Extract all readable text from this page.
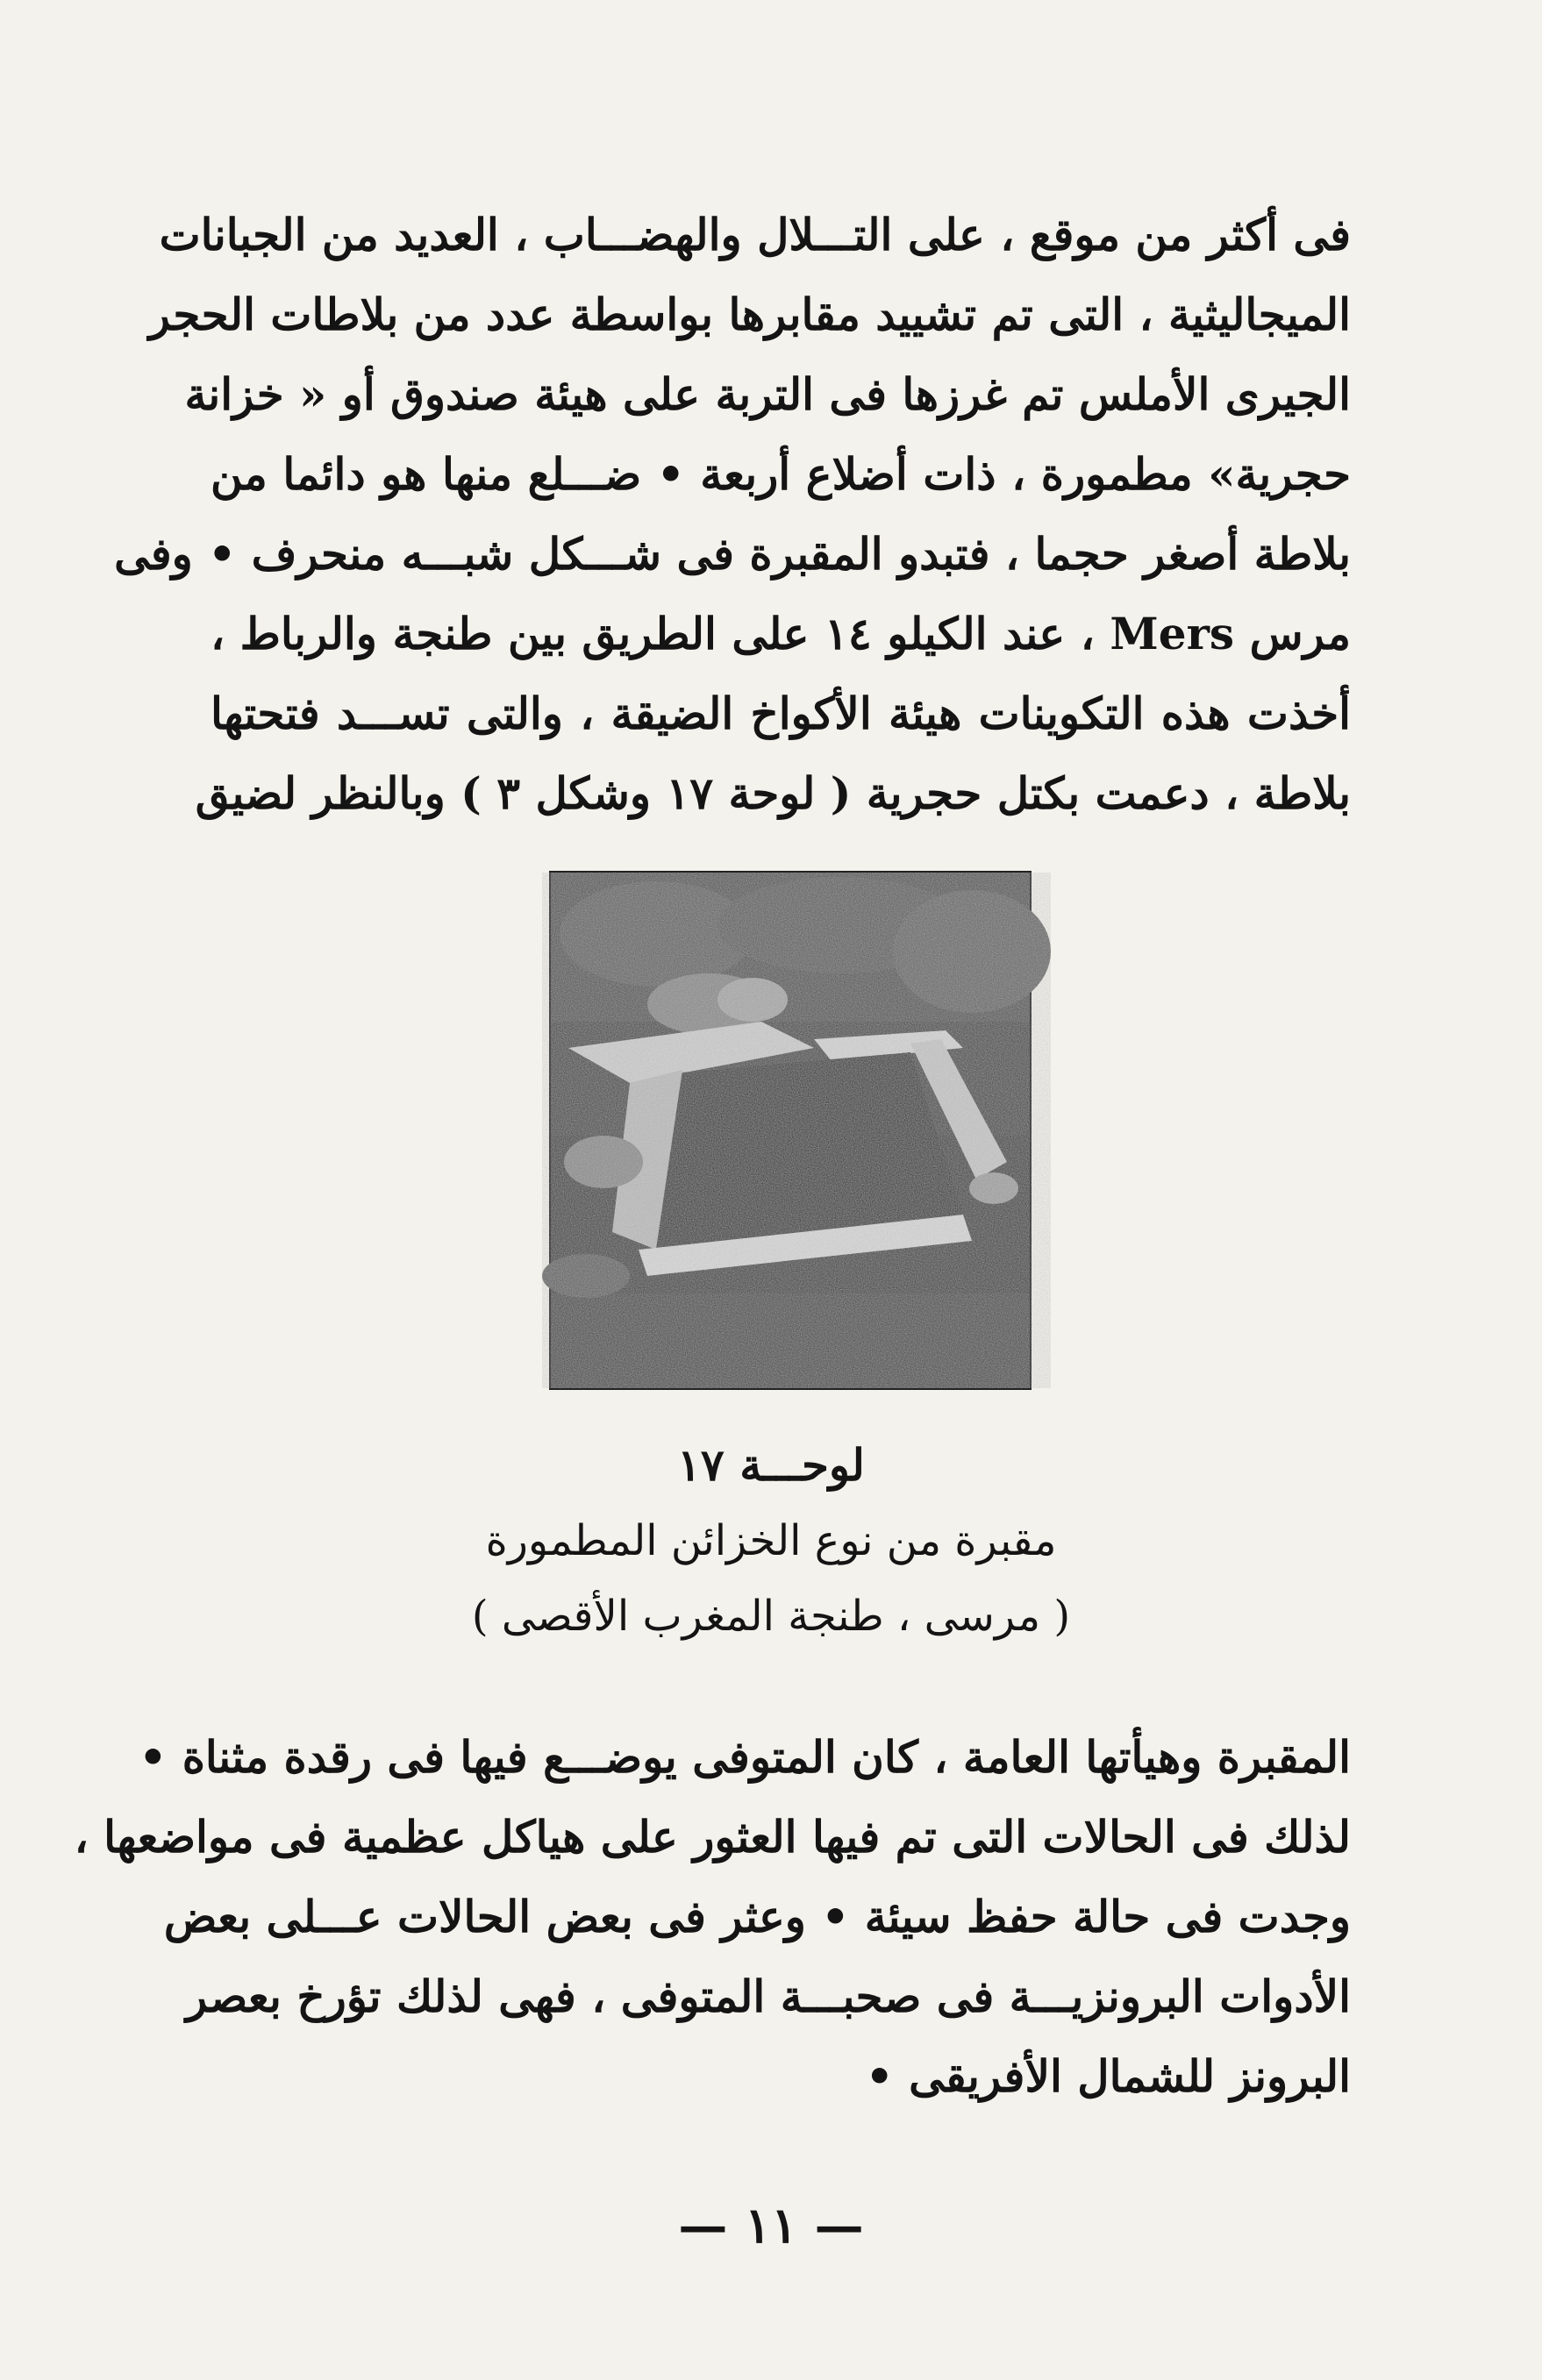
فى أكثر من موقع ، على التـــلال والهضـــاب ، العديد من الجبانات
الميجاليثية ، التى تم تشييد مقابرها بواسطة عدد من بلاطات الحجر
الجيرى الأملس تم غرزها فى التربة على هيئة صندوق أو « خزانة
حجرية» مطمورة ، ذات أضلاع أربعة • ضـــلع منها هو دائما من
بلاطة أصغر حجما ، فتبدو المقبرة فى شـــكل شبـــه منحرف • وفى
مرس Mers ، عند الكيلو ١٤ على الطريق بين طنجة والرباط ،
أخذت هذه التكوينات هيئة الأكواخ الضيقة ، والتى تســـد فتحتها
بلاطة ، دعمت بكتل حجرية ( لوحة ١٧ وشكل ٣ ) وبالنظر لضيق
لوحـــة ١٧
مقبرة من نوع الخزائن المطمورة
( مرسى ، طنجة المغرب الأقصى )
المقبرة وهيأتها العامة ، كان المتوفى يوضـــع فيها فى رقدة مثناة •
لذلك فى الحالات التى تم فيها العثور على هياكل عظمية فى مواضعها ،
وجدت فى حالة حفظ سيئة • وعثر فى بعض الحالات عـــلى بعض
الأدوات البرونزيـــة فى صحبـــة المتوفى ، فهى لذلك تؤرخ بعصر
البرونز للشمال الأفريقى •
— ١١ —
